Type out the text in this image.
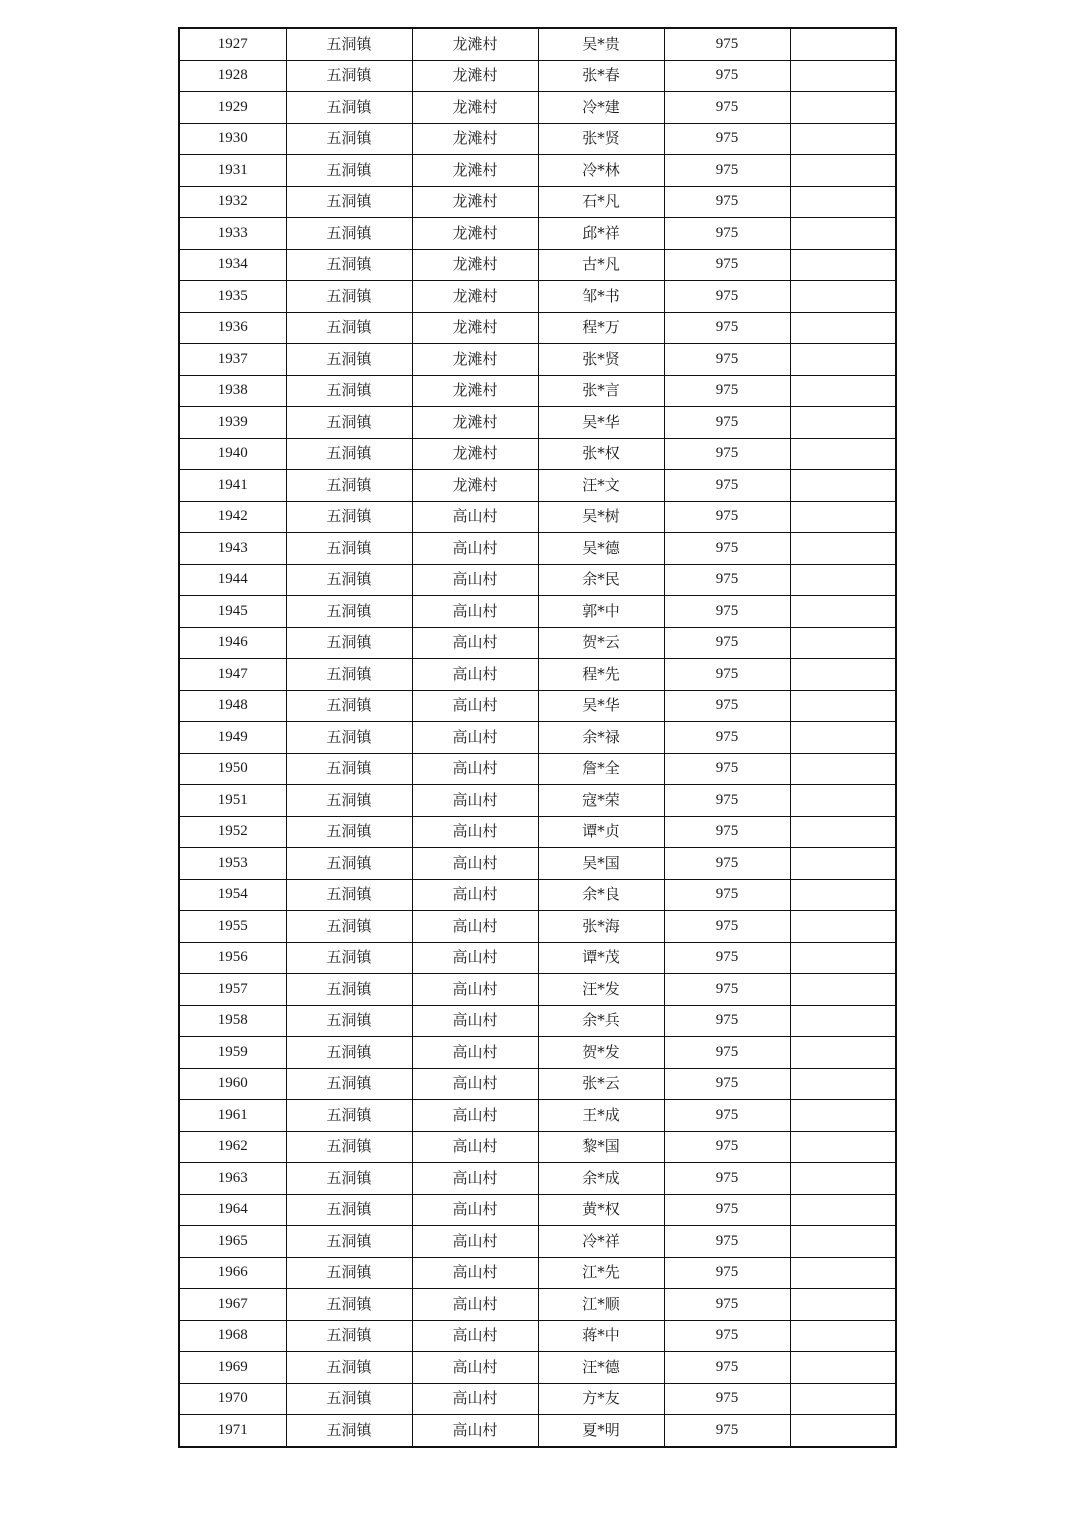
1927	五洞镇	龙滩村	吴*贵	975	
1928	五洞镇	龙滩村	张*春	975	
1929	五洞镇	龙滩村	冷*建	975	
1930	五洞镇	龙滩村	张*贤	975	
1931	五洞镇	龙滩村	冷*林	975	
1932	五洞镇	龙滩村	石*凡	975	
1933	五洞镇	龙滩村	邱*祥	975	
1934	五洞镇	龙滩村	古*凡	975	
1935	五洞镇	龙滩村	邹*书	975	
1936	五洞镇	龙滩村	程*万	975	
1937	五洞镇	龙滩村	张*贤	975	
1938	五洞镇	龙滩村	张*言	975	
1939	五洞镇	龙滩村	吴*华	975	
1940	五洞镇	龙滩村	张*权	975	
1941	五洞镇	龙滩村	汪*文	975	
1942	五洞镇	高山村	吴*树	975	
1943	五洞镇	高山村	吴*德	975	
1944	五洞镇	高山村	余*民	975	
1945	五洞镇	高山村	郭*中	975	
1946	五洞镇	高山村	贺*云	975	
1947	五洞镇	高山村	程*先	975	
1948	五洞镇	高山村	吴*华	975	
1949	五洞镇	高山村	余*禄	975	
1950	五洞镇	高山村	詹*全	975	
1951	五洞镇	高山村	寇*荣	975	
1952	五洞镇	高山村	谭*贞	975	
1953	五洞镇	高山村	吴*国	975	
1954	五洞镇	高山村	余*良	975	
1955	五洞镇	高山村	张*海	975	
1956	五洞镇	高山村	谭*茂	975	
1957	五洞镇	高山村	汪*发	975	
1958	五洞镇	高山村	余*兵	975	
1959	五洞镇	高山村	贺*发	975	
1960	五洞镇	高山村	张*云	975	
1961	五洞镇	高山村	王*成	975	
1962	五洞镇	高山村	黎*国	975	
1963	五洞镇	高山村	余*成	975	
1964	五洞镇	高山村	黄*权	975	
1965	五洞镇	高山村	冷*祥	975	
1966	五洞镇	高山村	江*先	975	
1967	五洞镇	高山村	江*顺	975	
1968	五洞镇	高山村	蒋*中	975	
1969	五洞镇	高山村	汪*德	975	
1970	五洞镇	高山村	方*友	975	
1971	五洞镇	高山村	夏*明	975	
